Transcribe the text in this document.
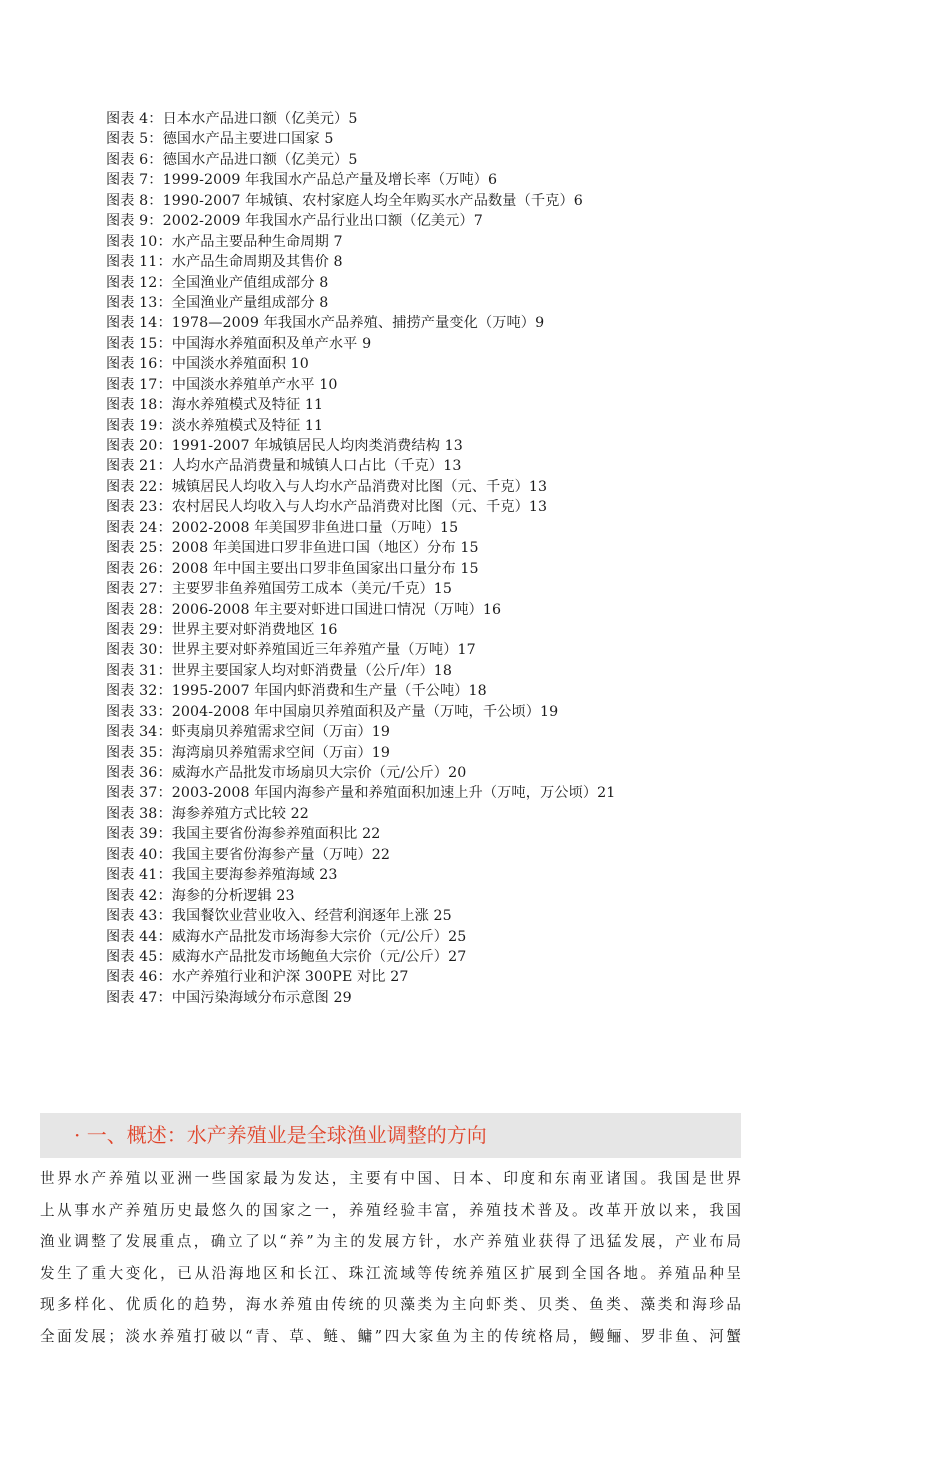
图表 4：日本水产品进口额（亿美元）5
图表 5：德国水产品主要进口国家 5
图表 6：德国水产品进口额（亿美元）5
图表 7：1999-2009 年我国水产品总产量及增长率（万吨）6
图表 8：1990-2007 年城镇、农村家庭人均全年购买水产品数量（千克）6
图表 9：2002-2009 年我国水产品行业出口额（亿美元）7
图表 10：水产品主要品种生命周期 7
图表 11：水产品生命周期及其售价 8
图表 12：全国渔业产值组成部分 8
图表 13：全国渔业产量组成部分 8
图表 14：1978—2009 年我国水产品养殖、捕捞产量变化（万吨）9
图表 15：中国海水养殖面积及单产水平 9
图表 16：中国淡水养殖面积 10
图表 17：中国淡水养殖单产水平 10
图表 18：海水养殖模式及特征 11
图表 19：淡水养殖模式及特征 11
图表 20：1991-2007 年城镇居民人均肉类消费结构 13
图表 21：人均水产品消费量和城镇人口占比（千克）13
图表 22：城镇居民人均收入与人均水产品消费对比图（元、千克）13
图表 23：农村居民人均收入与人均水产品消费对比图（元、千克）13
图表 24：2002-2008 年美国罗非鱼进口量（万吨）15
图表 25：2008 年美国进口罗非鱼进口国（地区）分布 15
图表 26：2008 年中国主要出口罗非鱼国家出口量分布 15
图表 27：主要罗非鱼养殖国劳工成本（美元/千克）15
图表 28：2006-2008 年主要对虾进口国进口情况（万吨）16
图表 29：世界主要对虾消费地区 16
图表 30：世界主要对虾养殖国近三年养殖产量（万吨）17
图表 31：世界主要国家人均对虾消费量（公斤/年）18
图表 32：1995-2007 年国内虾消费和生产量（千公吨）18
图表 33：2004-2008 年中国扇贝养殖面积及产量（万吨，千公顷）19
图表 34：虾夷扇贝养殖需求空间（万亩）19
图表 35：海湾扇贝养殖需求空间（万亩）19
图表 36：威海水产品批发市场扇贝大宗价（元/公斤）20
图表 37：2003-2008 年国内海参产量和养殖面积加速上升（万吨，万公顷）21
图表 38：海参养殖方式比较 22
图表 39：我国主要省份海参养殖面积比 22
图表 40：我国主要省份海参产量（万吨）22
图表 41：我国主要海参养殖海域 23
图表 42：海参的分析逻辑 23
图表 43：我国餐饮业营业收入、经营利润逐年上涨 25
图表 44：威海水产品批发市场海参大宗价（元/公斤）25
图表 45：威海水产品批发市场鲍鱼大宗价（元/公斤）27
图表 46：水产养殖行业和沪深 300PE 对比 27
图表 47：中国污染海域分布示意图 29
· 一、概述：水产养殖业是全球渔业调整的方向
世界水产养殖以亚洲一些国家最为发达，主要有中国、日本、印度和东南亚诸国。我国是世界
上从事水产养殖历史最悠久的国家之一，养殖经验丰富，养殖技术普及。改革开放以来，我国
渔业调整了发展重点，确立了以“养”为主的发展方针，水产养殖业获得了迅猛发展，产业布局
发生了重大变化，已从沿海地区和长江、珠江流域等传统养殖区扩展到全国各地。养殖品种呈
现多样化、优质化的趋势，海水养殖由传统的贝藻类为主向虾类、贝类、鱼类、藻类和海珍品
全面发展；淡水养殖打破以“青、草、鲢、鳙”四大家鱼为主的传统格局，鳗鲡、罗非鱼、河蟹
